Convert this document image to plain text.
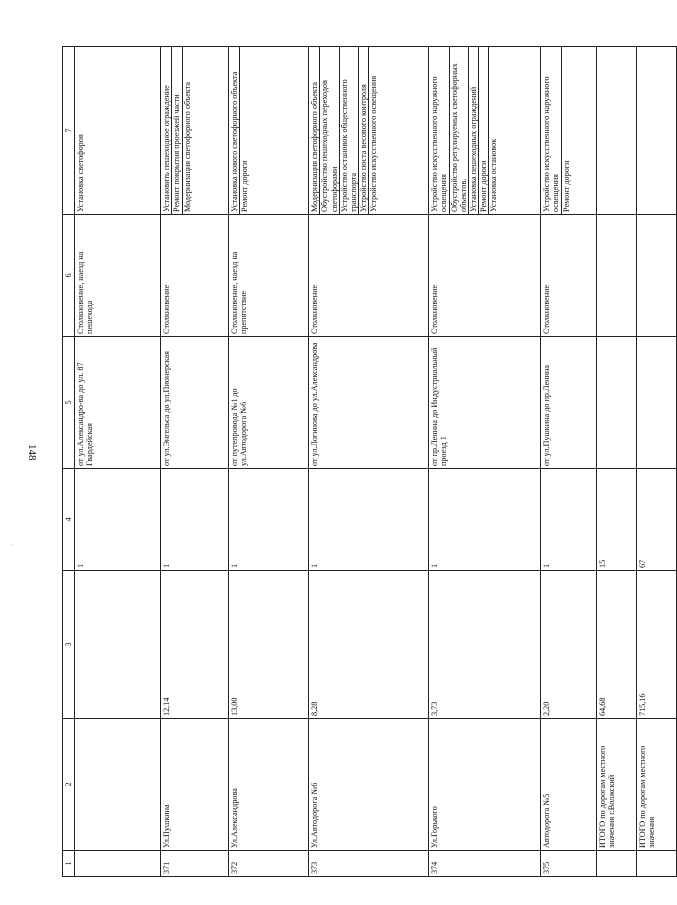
148
·
1	2	3	4	5	6	7
			1	от ул.Александро-ва до ул. 87 Гвардейская	Столкновение, наезд на пешехода	Установка светофоров

371	Ул.Пушкина	12,14	1	от ул.Энгельса до ул.Пионерская	Столкновение	Установить пешеходное ограждение Ремонт покрытия проезжей части Модернизация светофорного объекта

372	Ул.Александрова	13,00	1	от путепровода №1 до ул.Автодорога №6	Столкновение, наезд на препятствие	Установка нового светофорного объекта Ремонт дороги

373	Ул.Автодорога №6	8,28	1	от ул.Логинова до ул.Александрова	Столкновение	Модернизация светофорного объекта Обустройство пешеходных переходов светофорами Устройство остановок общественного транспорта Устройство поста весового контроля Устройство искусственного освещения

374	Ул.Горького	3,73	1	от пр.Ленина до Индустриальный проезд 1	Столкновение	Устройство искусственного наружного освещения Обустройство регулируемых светофорных объектов. Установка пешеходных ограждений Ремонт дороги Установка остановок

375	Автодорога №5	2,20	1	от ул.Пушкина до пр.Ленина	Столкновение	Устройство искусственного наружного освещения Ремонт дороги

	ИТОГО по дорогам местного значения г.Волжский	64,68	15			
	ИТОГО по дорогам местного значения	715,16	67			
